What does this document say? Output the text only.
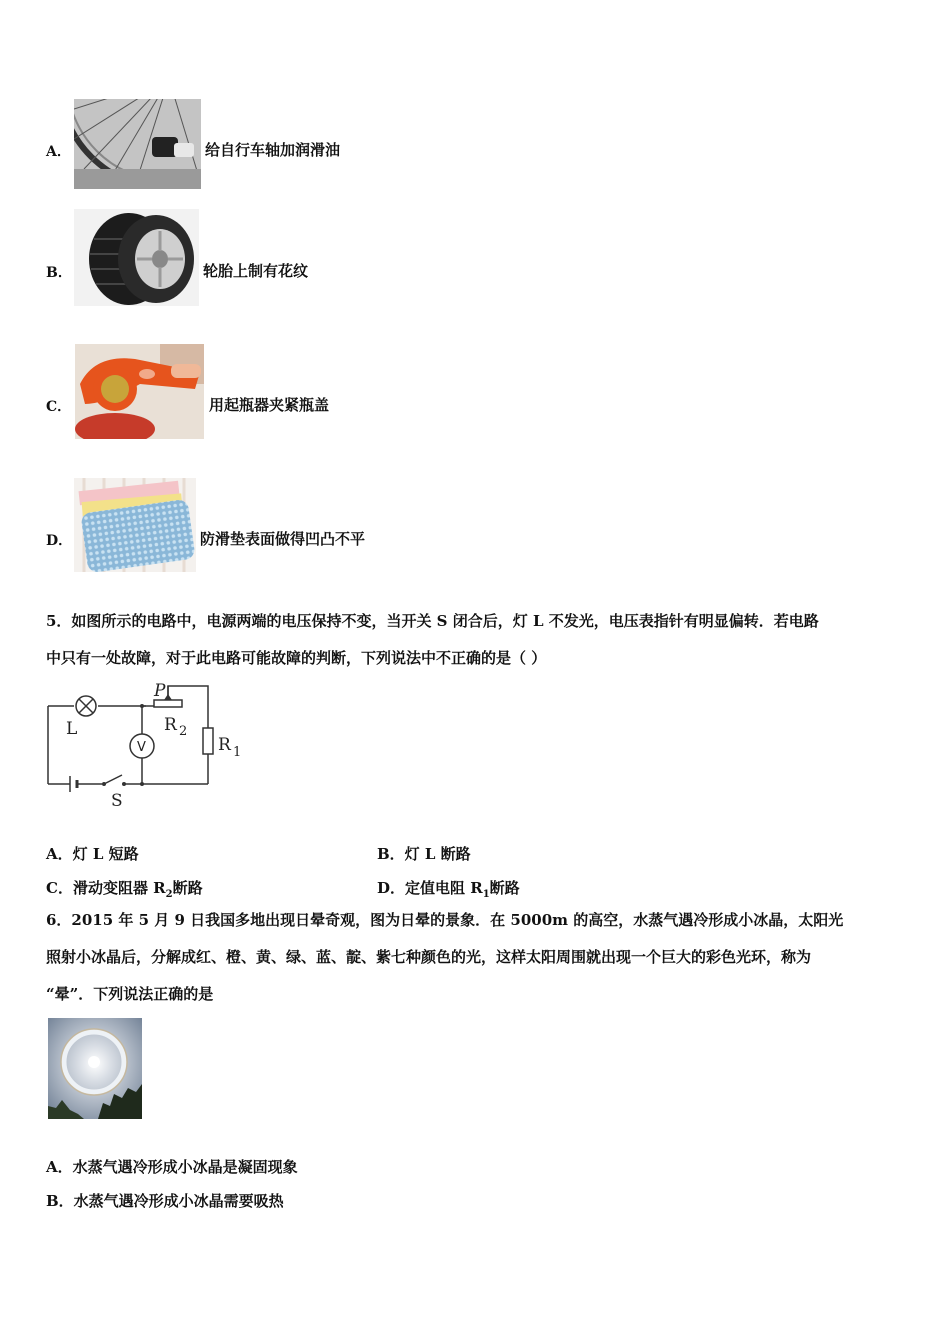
A．	给自行车轴加润滑油
B．	轮胎上制有花纹
C．	用起瓶器夹紧瓶盖
D．	防滑垫表面做得凹凸不平
5．如图所示的电路中，电源两端的电压保持不变，当开关 S 闭合后，灯 L 不发光，电压表指针有明显偏转．若电路
中只有一处故障，对于此电路可能故障的判断，下列说法中不正确的是（ ）
L
S
P
V
R 2
R 1
A．灯 L 短路	B．灯 L 断路
C．滑动变阻器 $R_2$断路	D．定值电阻 $R_1$断路
6．2015 年 5 月 9 日我国多地出现日晕奇观，图为日晕的景象．在 5000m 的高空，水蒸气遇冷形成小冰晶，太阳光
照射小冰晶后，分解成红、橙、黄、绿、蓝、靛、紫七种颜色的光，这样太阳周围就出现一个巨大的彩色光环，称为
“晕”．下列说法正确的是
A．水蒸气遇冷形成小冰晶是凝固现象
B．水蒸气遇冷形成小冰晶需要吸热
